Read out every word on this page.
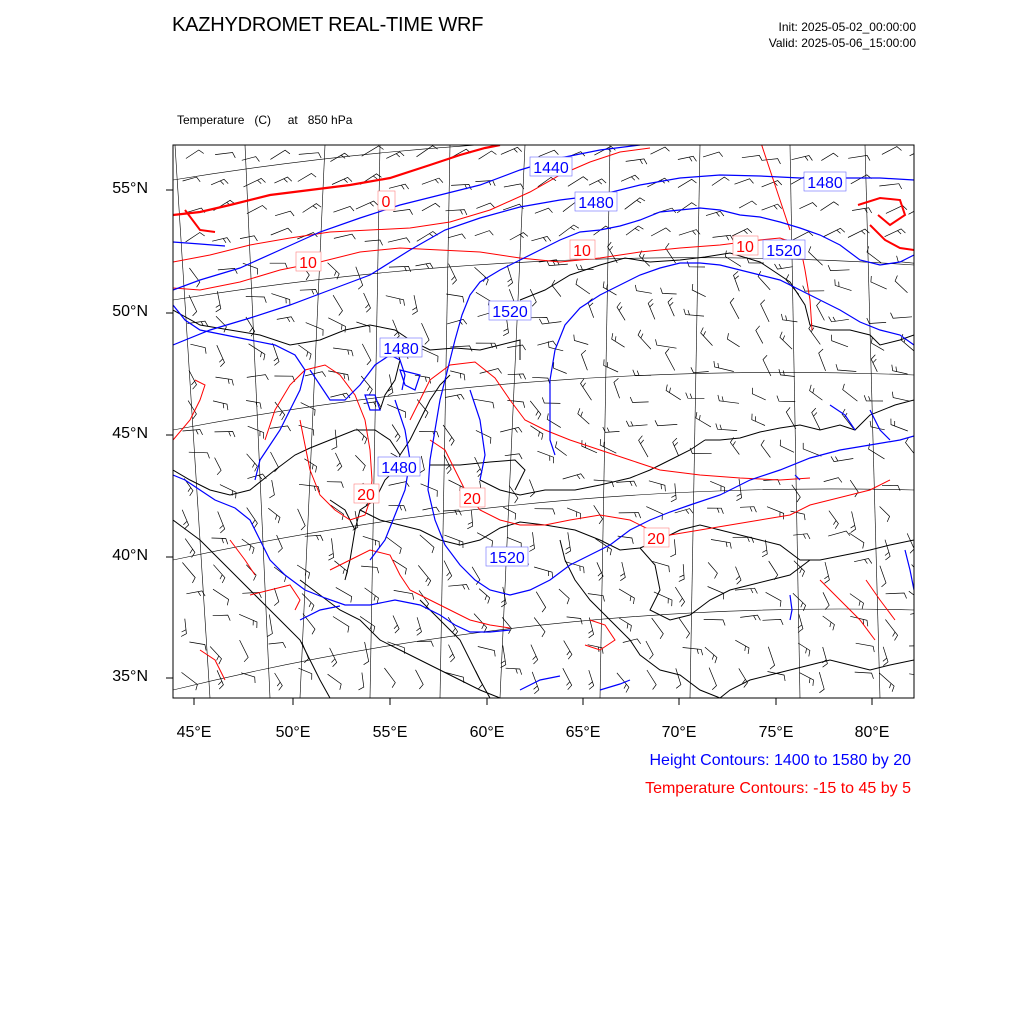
KAZHYDROMET REAL-TIME WRF	Init: 2025-05-02_00:00:00
Valid: 2025-05-06_15:00:00

Temperature   (C)     at   850 hPa

1440
1480
1480
1520
1480
1480
1520
1520
0
10
10	10
20	20
20
55°N
50°N
45°N
40°N
35°N
45°E	50°E	55°E	60°E	65°E	70°E	75°E	80°E
Height Contours: 1400 to 1580 by 20
Temperature Contours: -15 to 45 by 5
